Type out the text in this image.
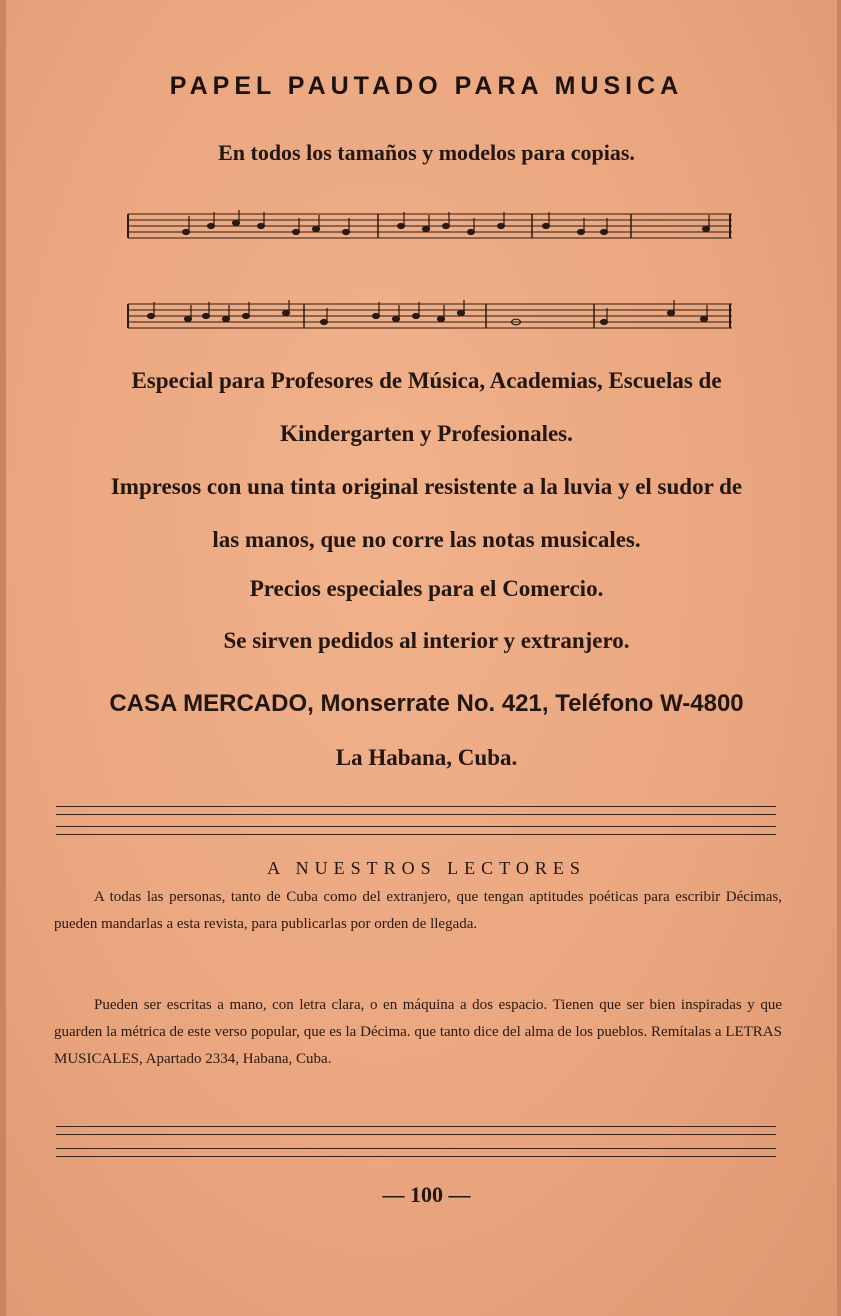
PAPEL PAUTADO PARA MUSICA
En todos los tamaños y modelos para copias.
Especial para Profesores de Música, Academias, Escuelas de
Kindergarten y Profesionales.
Impresos con una tinta original resistente a la luvia y el sudor de
las manos, que no corre las notas musicales.
Precios especiales para el Comercio.
Se sirven pedidos al interior y extranjero.
CASA MERCADO, Monserrate No. 421, Teléfono W-4800
La Habana, Cuba.
A NUESTROS LECTORES
A todas las personas, tanto de Cuba como del extranjero, que tengan aptitudes poéticas para escribir Décimas, pueden mandarlas a esta revista, para publicarlas por orden de llegada.
Pueden ser escritas a mano, con letra clara, o en máquina a dos espacio. Tienen que ser bien inspiradas y que guarden la métrica de este verso popular, que es la Décima. que tanto dice del alma de los pueblos. Remítalas a LETRAS MUSICALES, Apartado 2334, Habana, Cuba.
— 100 —
